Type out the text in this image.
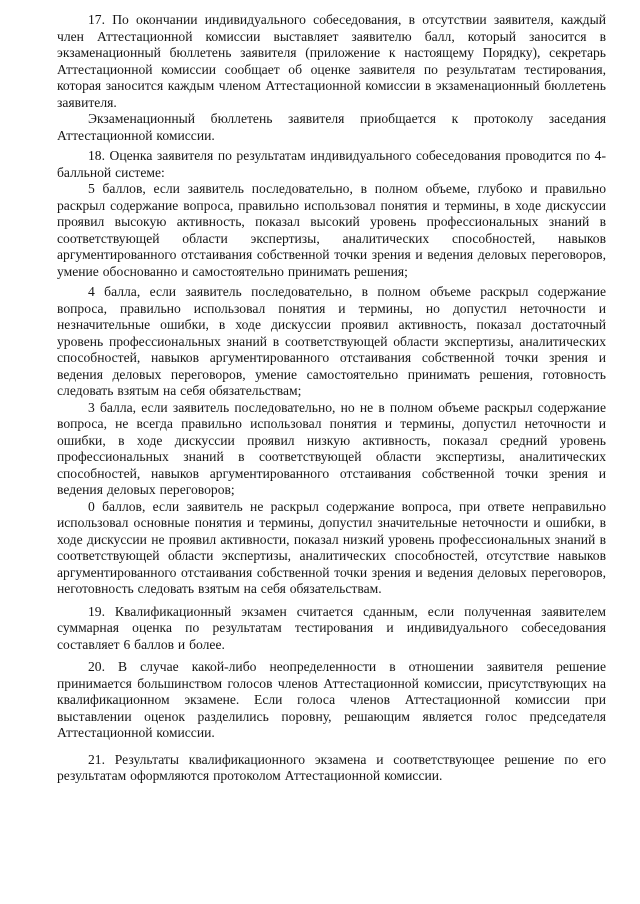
17. По окончании индивидуального собеседования, в отсутствии заявителя, каждый член Аттестационной комиссии выставляет заявителю балл, который заносится в экзаменационный бюллетень заявителя (приложение к настоящему Порядку), секретарь Аттестационной комиссии сообщает об оценке заявителя по результатам тестирования, которая заносится каждым членом Аттестационной комиссии в экзаменационный бюллетень заявителя.

Экзаменационный бюллетень заявителя приобщается к протоколу заседания Аттестационной комиссии.

18. Оценка заявителя по результатам индивидуального собеседования проводится по 4-балльной системе:

5 баллов, если заявитель последовательно, в полном объеме, глубоко и правильно раскрыл содержание вопроса, правильно использовал понятия и термины, в ходе дискуссии проявил высокую активность, показал высокий уровень профессиональных знаний в соответствующей области экспертизы, аналитических способностей, навыков аргументированного отстаивания собственной точки зрения и ведения деловых переговоров, умение обоснованно и самостоятельно принимать решения;

4 балла, если заявитель последовательно, в полном объеме раскрыл содержание вопроса, правильно использовал понятия и термины, но допустил неточности и незначительные ошибки, в ходе дискуссии проявил активность, показал достаточный уровень профессиональных знаний в соответствующей области экспертизы, аналитических способностей, навыков аргументированного отстаивания собственной точки зрения и ведения деловых переговоров, умение самостоятельно принимать решения, готовность следовать взятым на себя обязательствам;

3 балла, если заявитель последовательно, но не в полном объеме раскрыл содержание вопроса, не всегда правильно использовал понятия и термины, допустил неточности и ошибки, в ходе дискуссии проявил низкую активность, показал средний уровень профессиональных знаний в соответствующей области экспертизы, аналитических способностей, навыков аргументированного отстаивания собственной точки зрения и ведения деловых переговоров;

0 баллов, если заявитель не раскрыл содержание вопроса, при ответе неправильно использовал основные понятия и термины, допустил значительные неточности и ошибки, в ходе дискуссии не проявил активности, показал низкий уровень профессиональных знаний в соответствующей области экспертизы, аналитических способностей, отсутствие навыков аргументированного отстаивания собственной точки зрения и ведения деловых переговоров, неготовность следовать взятым на себя обязательствам.

19. Квалификационный экзамен считается сданным, если полученная заявителем суммарная оценка по результатам тестирования и индивидуального собеседования составляет 6 баллов и более.

20. В случае какой-либо неопределенности в отношении заявителя решение принимается большинством голосов членов Аттестационной комиссии, присутствующих на квалификационном экзамене. Если голоса членов Аттестационной комиссии при выставлении оценок разделились поровну, решающим является голос председателя Аттестационной комиссии.

21. Результаты квалификационного экзамена и соответствующее решение по его результатам оформляются протоколом Аттестационной комиссии.
